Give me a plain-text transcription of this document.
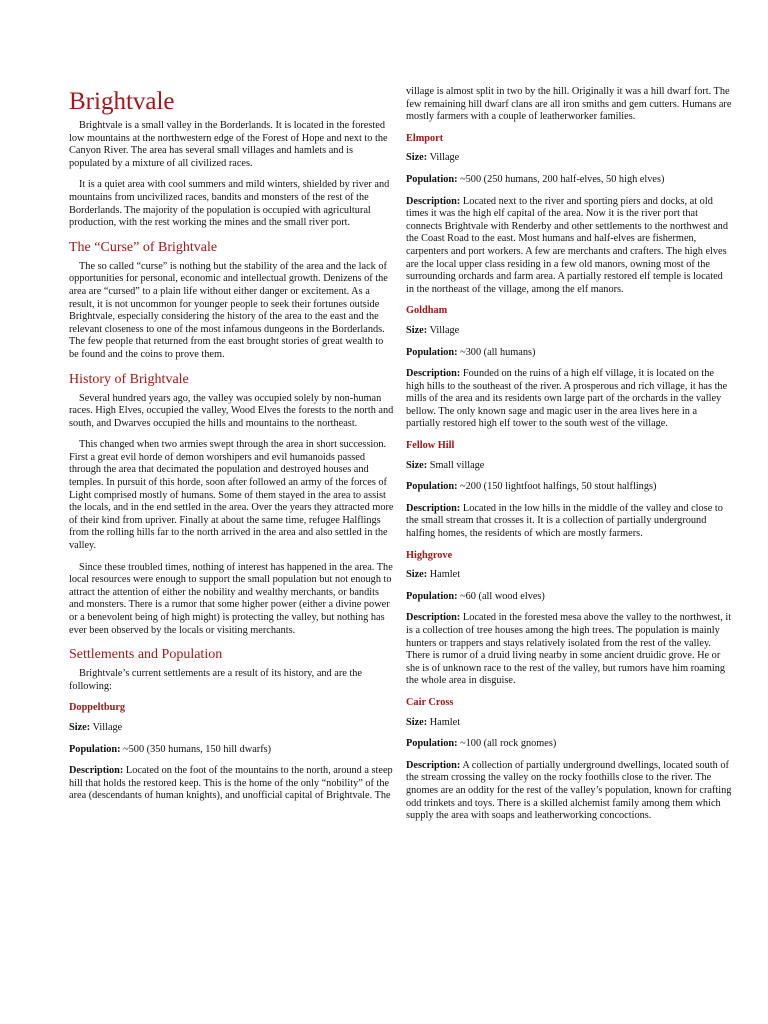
Brightvale

Brightvale is a small valley in the Borderlands. It is located in the forested low mountains at the northwestern edge of the Forest of Hope and next to the Canyon River. The area has several small villages and hamlets and is populated by a mixture of all civilized races.

It is a quiet area with cool summers and mild winters, shielded by river and mountains from uncivilized races, bandits and monsters of the rest of the Borderlands. The majority of the population is occupied with agricultural production, with the rest working the mines and the small river port.

The “Curse” of Brightvale

The so called “curse” is nothing but the stability of the area and the lack of opportunities for personal, economic and intellectual growth. Denizens of the area are “cursed” to a plain life without either danger or excitement. As a result, it is not uncommon for younger people to seek their fortunes outside Brightvale, especially considering the history of the area to the east and the relevant closeness to one of the most infamous dungeons in the Borderlands. The few people that returned from the east brought stories of great wealth to be found and the coins to prove them.

History of Brightvale

Several hundred years ago, the valley was occupied solely by non-human races. High Elves, occupied the valley, Wood Elves the forests to the north and south, and Dwarves occupied the hills and mountains to the northeast.

This changed when two armies swept through the area in short succession. First a great evil horde of demon worshipers and evil humanoids passed through the area that decimated the population and destroyed houses and temples. In pursuit of this horde, soon after followed an army of the forces of Light comprised mostly of humans. Some of them stayed in the area to assist the locals, and in the end settled in the area. Over the years they attracted more of their kind from upriver. Finally at about the same time, refugee Halflings from the rolling hills far to the north arrived in the area and also settled in the valley.

Since these troubled times, nothing of interest has happened in the area. The local resources were enough to support the small population but not enough to attract the attention of either the nobility and wealthy merchants, or bandits and monsters. There is a rumor that some higher power (either a divine power or a benevolent being of high might) is protecting the valley, but nothing has ever been observed by the locals or visiting merchants.

Settlements and Population

Brightvale’s current settlements are a result of its history, and are the following:

Doppeltburg

Size: Village

Population: ~500 (350 humans, 150 hill dwarfs)

Description: Located on the foot of the mountains to the north, around a steep hill that holds the restored keep. This is the home of the only “nobility” of the area (descendants of human knights), and unofficial capital of Brightvale. The

village is almost split in two by the hill. Originally it was a hill dwarf fort. The few remaining hill dwarf clans are all iron smiths and gem cutters. Humans are mostly farmers with a couple of leatherworker families.

Elmport

Size: Village

Population: ~500 (250 humans, 200 half-elves, 50 high elves)

Description: Located next to the river and sporting piers and docks, at old times it was the high elf capital of the area. Now it is the river port that connects Brightvale with Renderby and other settlements to the northwest and the Coast Road to the east. Most humans and half-elves are fishermen, carpenters and port workers. A few are merchants and crafters. The high elves are the local upper class residing in a few old manors, owning most of the surrounding orchards and farm area. A partially restored elf temple is located in the northeast of the village, among the elf manors.

Goldham

Size: Village

Population: ~300 (all humans)

Description: Founded on the ruins of a high elf village, it is located on the high hills to the southeast of the river. A prosperous and rich village, it has the mills of the area and its residents own large part of the orchards in the valley bellow. The only known sage and magic user in the area lives here in a partially restored high elf tower to the south west of the village.

Fellow Hill

Size: Small village

Population: ~200 (150 lightfoot halfings, 50 stout halflings)

Description: Located in the low hills in the middle of the valley and close to the small stream that crosses it. It is a collection of partially underground halfing homes, the residents of which are mostly farmers.

Highgrove

Size: Hamlet

Population: ~60 (all wood elves)

Description: Located in the forested mesa above the valley to the northwest, it is a collection of tree houses among the high trees. The population is mainly hunters or trappers and stays relatively isolated from the rest of the valley. There is rumor of a druid living nearby in some ancient druidic grove. He or she is of unknown race to the rest of the valley, but rumors have him roaming the whole area in disguise.

Cair Cross

Size: Hamlet

Population: ~100 (all rock gnomes)

Description: A collection of partially underground dwellings, located south of the stream crossing the valley on the rocky foothills close to the river. The gnomes are an oddity for the rest of the valley’s population, known for crafting odd trinkets and toys. There is a skilled alchemist family among them which supply the area with soaps and leatherworking concoctions.
